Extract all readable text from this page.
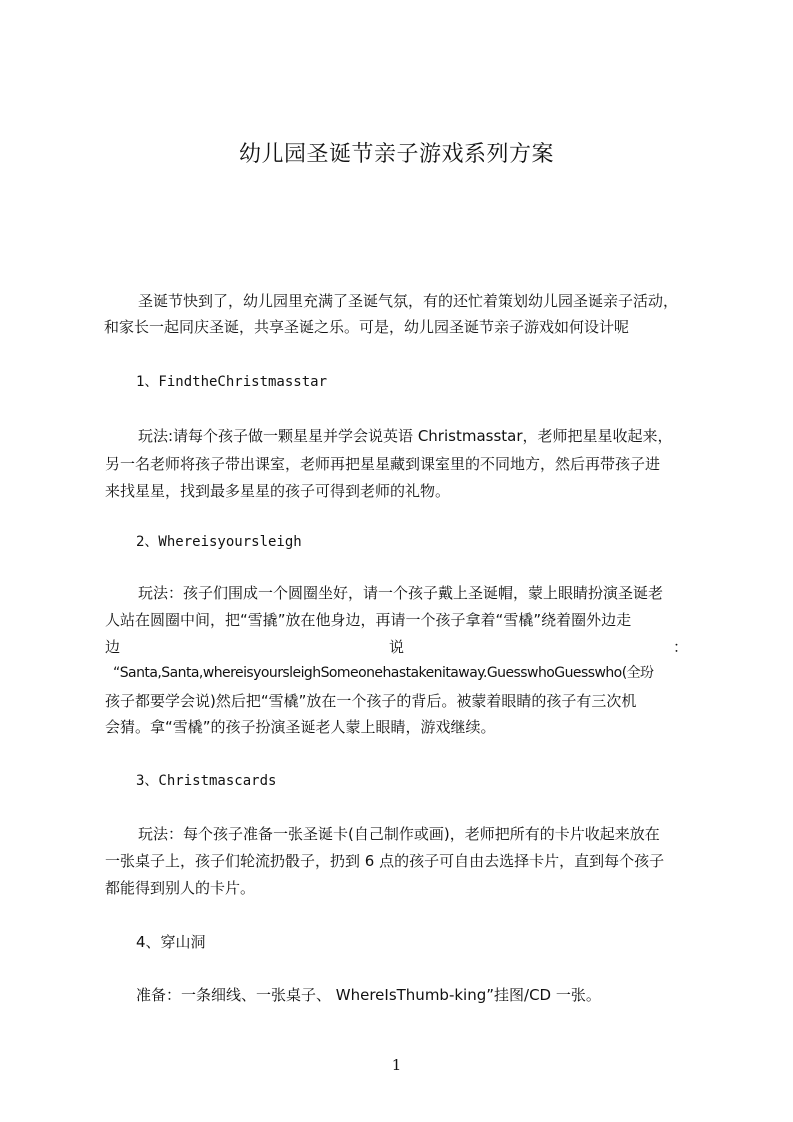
幼儿园圣诞节亲子游戏系列方案
圣诞节快到了，幼儿园里充满了圣诞气氛，有的还忙着策划幼儿园圣诞亲子活动，
和家长一起同庆圣诞，共享圣诞之乐。可是，幼儿园圣诞节亲子游戏如何设计呢
1、FindtheChristmasstar
玩法:请每个孩子做一颗星星并学会说英语 Christmasstar，老师把星星收起来，
另一名老师将孩子带出课室，老师再把星星藏到课室里的不同地方，然后再带孩子进
来找星星，找到最多星星的孩子可得到老师的礼物。
2、Whereisyoursleigh
玩法：孩子们围成一个圆圈坐好，请一个孩子戴上圣诞帽，蒙上眼睛扮演圣诞老
人站在圆圈中间，把“雪撬”放在他身边，再请一个孩子拿着“雪橇”绕着圈外边走
边	说	：
“Santa,Santa,whereisyoursleighSomeonehastakenitaway.GuesswhoGuesswho(全玢
孩子都要学会说)然后把“雪橇”放在一个孩子的背后。被蒙着眼睛的孩子有三次机
会猜。拿“雪橇”的孩子扮演圣诞老人蒙上眼睛，游戏继续。
3、Christmascards
玩法：每个孩子准备一张圣诞卡(自己制作或画)，老师把所有的卡片收起来放在
一张桌子上，孩子们轮流扔骰子，扔到 6 点的孩子可自由去选择卡片，直到每个孩子
都能得到别人的卡片。
4、穿山洞
准备：一条细线、一张桌子、 WhereIsThumb-king”挂图/CD 一张。
1
